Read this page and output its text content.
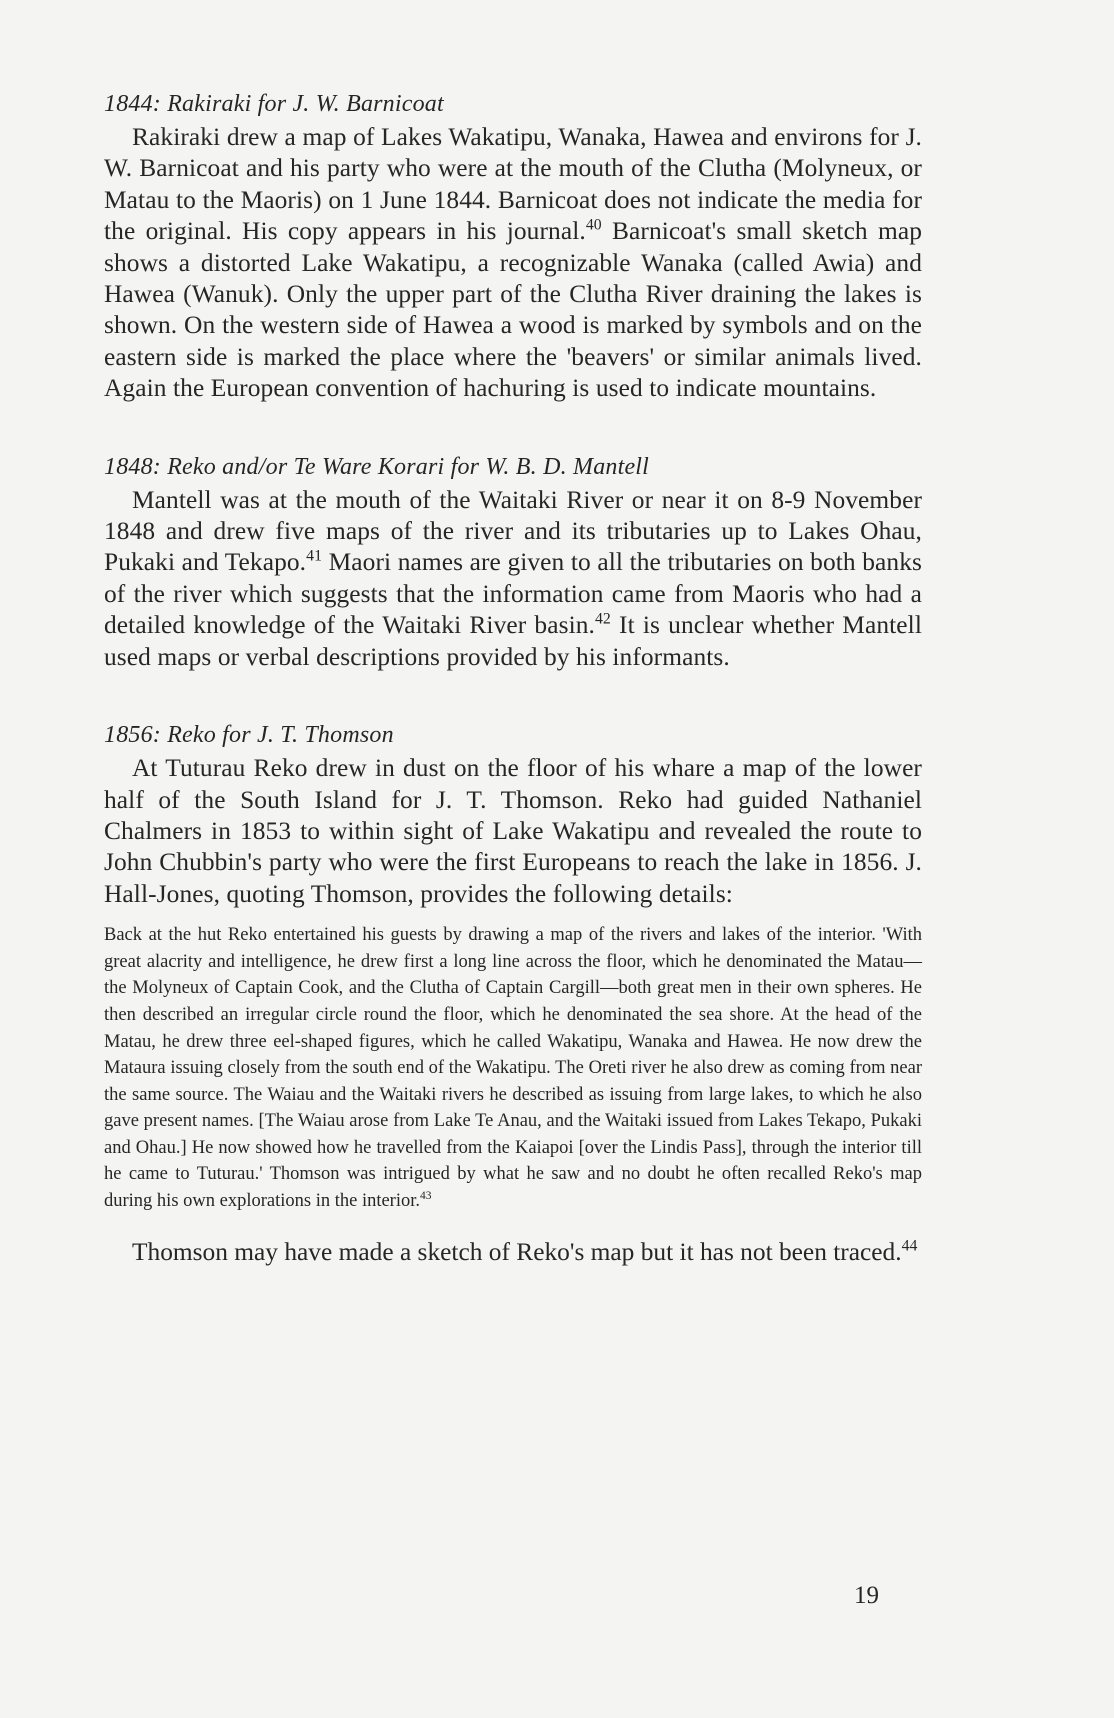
1844: Rakiraki for J. W. Barnicoat

Rakiraki drew a map of Lakes Wakatipu, Wanaka, Hawea and environs for J. W. Barnicoat and his party who were at the mouth of the Clutha (Molyneux, or Matau to the Maoris) on 1 June 1844. Barnicoat does not indicate the media for the original. His copy appears in his journal.$^{40}$ Barnicoat's small sketch map shows a distorted Lake Wakatipu, a recognizable Wanaka (called Awia) and Hawea (Wanuk). Only the upper part of the Clutha River draining the lakes is shown. On the western side of Hawea a wood is marked by symbols and on the eastern side is marked the place where the 'beavers' or similar animals lived. Again the European convention of hachuring is used to indicate mountains.

1848: Reko and/or Te Ware Korari for W. B. D. Mantell

Mantell was at the mouth of the Waitaki River or near it on 8-9 November 1848 and drew five maps of the river and its tributaries up to Lakes Ohau, Pukaki and Tekapo.$^{41}$ Maori names are given to all the tributaries on both banks of the river which suggests that the information came from Maoris who had a detailed knowledge of the Waitaki River basin.$^{42}$ It is unclear whether Mantell used maps or verbal descriptions provided by his informants.

1856: Reko for J. T. Thomson

At Tuturau Reko drew in dust on the floor of his whare a map of the lower half of the South Island for J. T. Thomson. Reko had guided Nathaniel Chalmers in 1853 to within sight of Lake Wakatipu and revealed the route to John Chubbin's party who were the first Europeans to reach the lake in 1856. J. Hall-Jones, quoting Thomson, provides the following details:

Back at the hut Reko entertained his guests by drawing a map of the rivers and lakes of the interior. 'With great alacrity and intelligence, he drew first a long line across the floor, which he denominated the Matau—the Molyneux of Captain Cook, and the Clutha of Captain Cargill—both great men in their own spheres. He then described an irregular circle round the floor, which he denominated the sea shore. At the head of the Matau, he drew three eel-shaped figures, which he called Wakatipu, Wanaka and Hawea. He now drew the Mataura issuing closely from the south end of the Wakatipu. The Oreti river he also drew as coming from near the same source. The Waiau and the Waitaki rivers he described as issuing from large lakes, to which he also gave present names. [The Waiau arose from Lake Te Anau, and the Waitaki issued from Lakes Tekapo, Pukaki and Ohau.] He now showed how he travelled from the Kaiapoi [over the Lindis Pass], through the interior till he came to Tuturau.' Thomson was intrigued by what he saw and no doubt he often recalled Reko's map during his own explorations in the interior.$^{43}$

Thomson may have made a sketch of Reko's map but it has not been traced.$^{44}$

19
